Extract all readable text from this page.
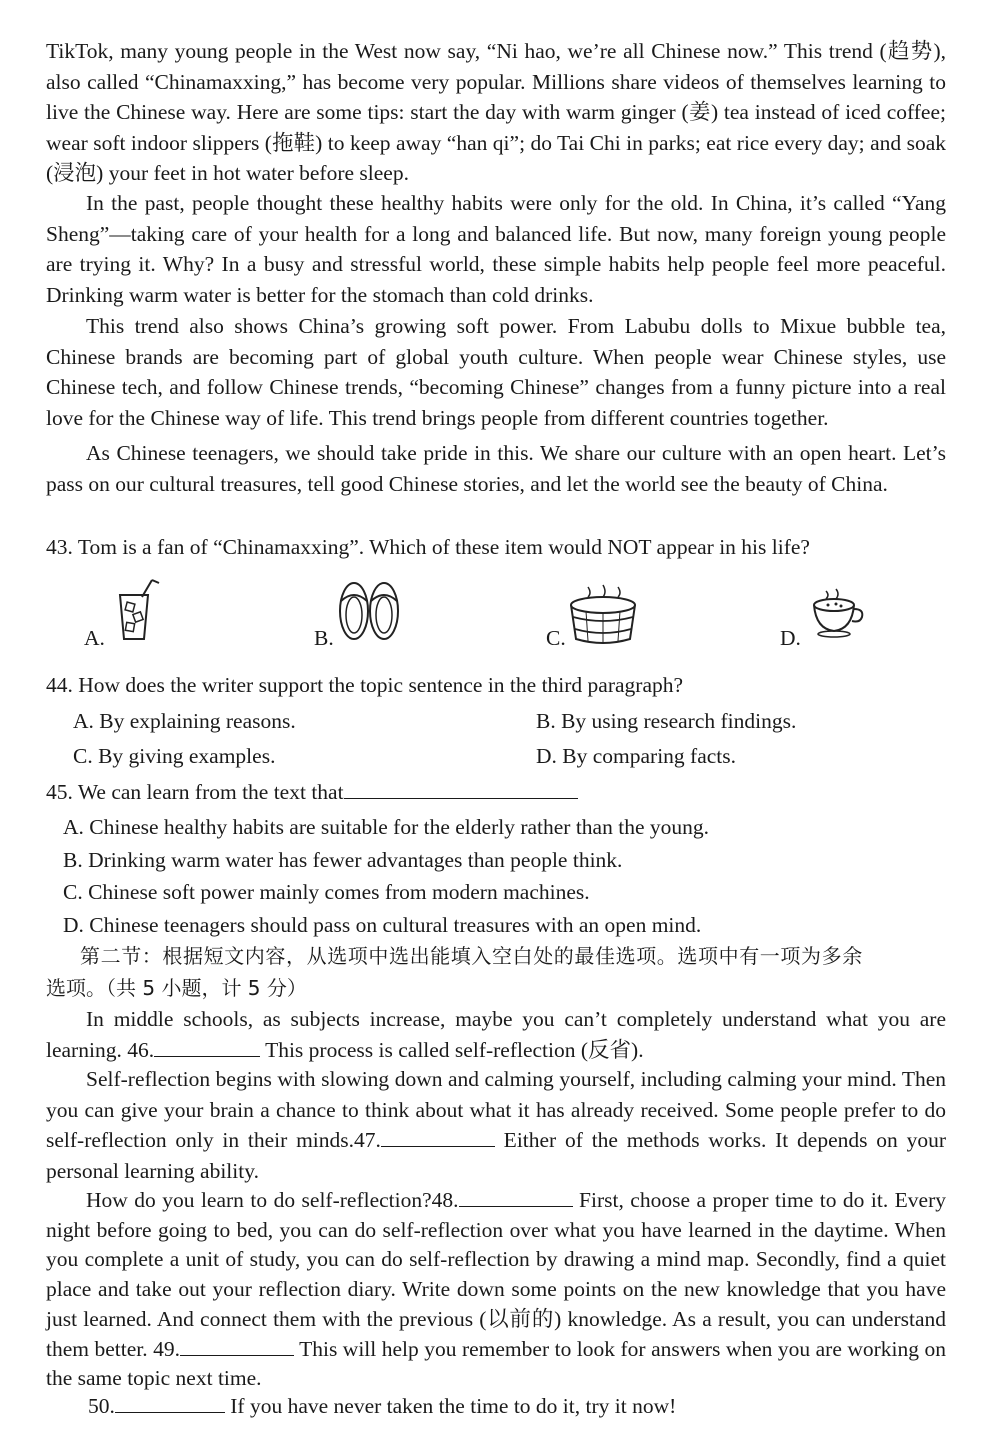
TikTok, many young people in the West now say, “Ni hao, we’re all Chinese now.” This trend (趋势), also called “Chinamaxxing,” has become very popular. Millions share videos of themselves learning to live the Chinese way. Here are some tips: start the day with warm ginger (姜) tea instead of iced coffee; wear soft indoor slippers (拖鞋) to keep away “han qi”; do Tai Chi in parks; eat rice every day; and soak (浸泡) your feet in hot water before sleep.

In the past, people thought these healthy habits were only for the old. In China, it’s called “Yang Sheng”—taking care of your health for a long and balanced life. But now, many foreign young people are trying it. Why? In a busy and stressful world, these simple habits help people feel more peaceful. Drinking warm water is better for the stomach than cold drinks.

This trend also shows China’s growing soft power. From Labubu dolls to Mixue bubble tea, Chinese brands are becoming part of global youth culture. When people wear Chinese styles, use Chinese tech, and follow Chinese trends, “becoming Chinese” changes from a funny picture into a real love for the Chinese way of life. This trend brings people from different countries together.

As Chinese teenagers, we should take pride in this. We share our culture with an open heart. Let’s pass on our cultural treasures, tell good Chinese stories, and let the world see the beauty of China.

43. Tom is a fan of “Chinamaxxing”. Which of these item would NOT appear in his life?

A.	B.	C.	D.

44. How does the writer support the topic sentence in the third paragraph?

A. By explaining reasons.	B. By using research findings.

C. By giving examples.	D. By comparing facts.

45. We can learn from the text that

A. Chinese healthy habits are suitable for the elderly rather than the young.

B. Drinking warm water has fewer advantages than people think.

C. Chinese soft power mainly comes from modern machines.

D. Chinese teenagers should pass on cultural treasures with an open mind.

第二节：根据短文内容，从选项中选出能填入空白处的最佳选项。选项中有一项为多余

选项。（共 5 小题，计 5 分）

In middle schools, as subjects increase, maybe you can’t completely understand what you are learning. 46.	This process is called self-reflection (反省).

Self-reflection begins with slowing down and calming yourself, including calming your mind. Then you can give your brain a chance to think about what it has already received. Some people prefer to do self-reflection only in their minds.47.	Either of the methods works. It depends on your personal learning ability.

How do you learn to do self-reflection?48.	First, choose a proper time to do it. Every night before going to bed, you can do self-reflection over what you have learned in the daytime. When you complete a unit of study, you can do self-reflection by drawing a mind map. Secondly, find a quiet place and take out your reflection diary. Write down some points on the new knowledge that you have just learned. And connect them with the previous (以前的) knowledge. As a result, you can understand them better. 49.	This will help you remember to look for answers when you are working on the same topic next time.

50.	If you have never taken the time to do it, try it now!
